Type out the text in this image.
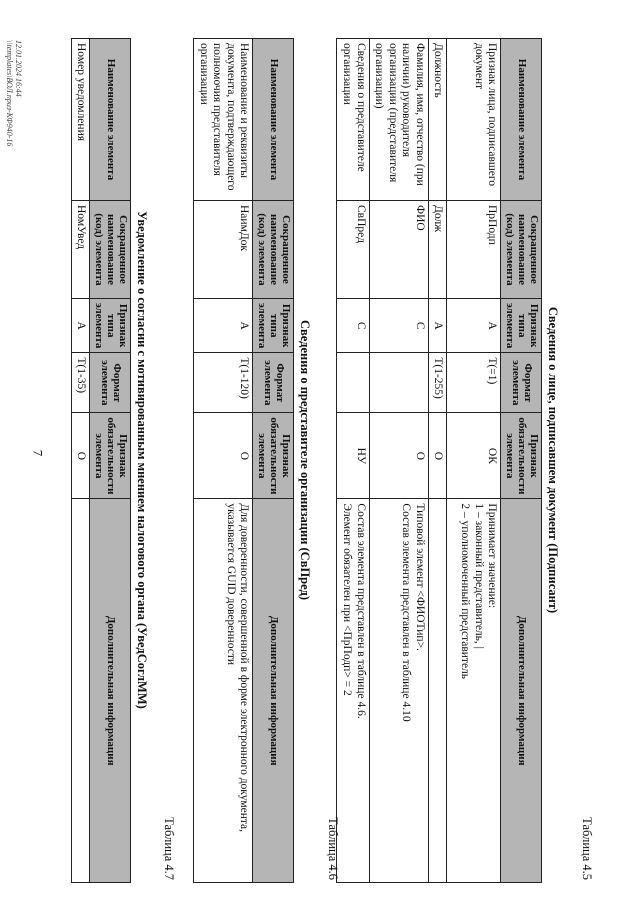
7
Таблица 4.5
Сведения о лице, подписавшем документ (Подписант)
Наименование элемента	Сокращенное наименование (код) элемента	Признак типа элемента	Формат элемента	Признак обязательности элемента	Дополнительная информация
Признак лица, подписавшего документ	ПрПодп	A	T(=1)	ОК	Принимает значение:
1 – законный представитель, |
2 – уполномоченный представитель

Должность	Долж	A	T(1-255)	О	
Фамилия, имя, отчество (при наличии) руководителя организации (представителя организации)	ФИО	С		О	Типовой элемент <ФИОТип>.
Состав элемента представлен в таблице 4.10

Сведения о представителе организации	СвПред	С		НУ	Состав элемента представлен в таблице 4.6.
Элемент обязателен при <ПрПодп> = 2
Таблица 4.6
Сведения о представителе организации (СвПред)
Наименование элемента	Сокращенное наименование (код) элемента	Признак типа элемента	Формат элемента	Признак обязательности элемента	Дополнительная информация
Наименование и реквизиты документа, подтверждающего полномочия представителя организации	НаимДок	A	T(1-120)	О	Для доверенности, совершенной в форме электронного документа, указывается GUID доверенности
Таблица 4.7
Уведомление о согласии с мотивированным мнением налогового органа (УведСоглММ)
Наименование элемента	Сокращенное наименование (код) элемента	Признак типа элемента	Формат элемента	Признак обязательности элемента	Дополнительная информация
Номер уведомления	НомУвед	A	T(1-35)	О	
12.01.2024 16:44
\\templates\ВОЛ.приз-КФ940-16
